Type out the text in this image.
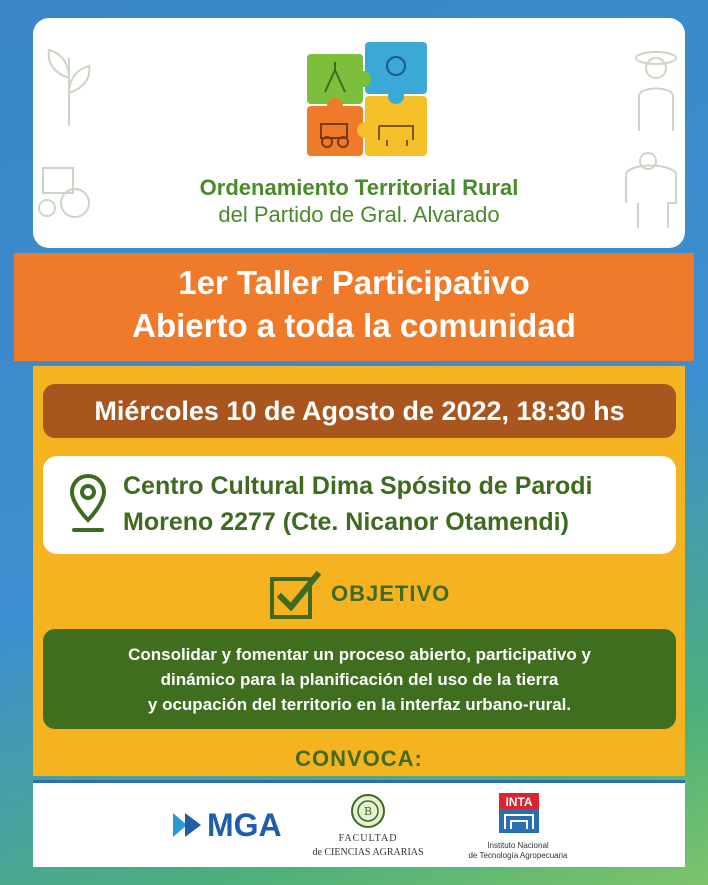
Ordenamiento Territorial Rural
del Partido de Gral. Alvarado
1er Taller Participativo
Abierto a toda la comunidad
Miércoles 10 de Agosto de 2022, 18:30 hs
Centro Cultural Dima Spósito de Parodi
Moreno 2277 (Cte. Nicanor Otamendi)
OBJETIVO
Consolidar y fomentar un proceso abierto, participativo y
dinámico para la planificación del uso de la tierra
y ocupación del territorio en la interfaz urbano-rural.
CONVOCA:
MGA	B
FACULTAD
de CIENCIAS AGRARIAS
INTA
Instituto Nacional
de Tecnología Agropecuaria
